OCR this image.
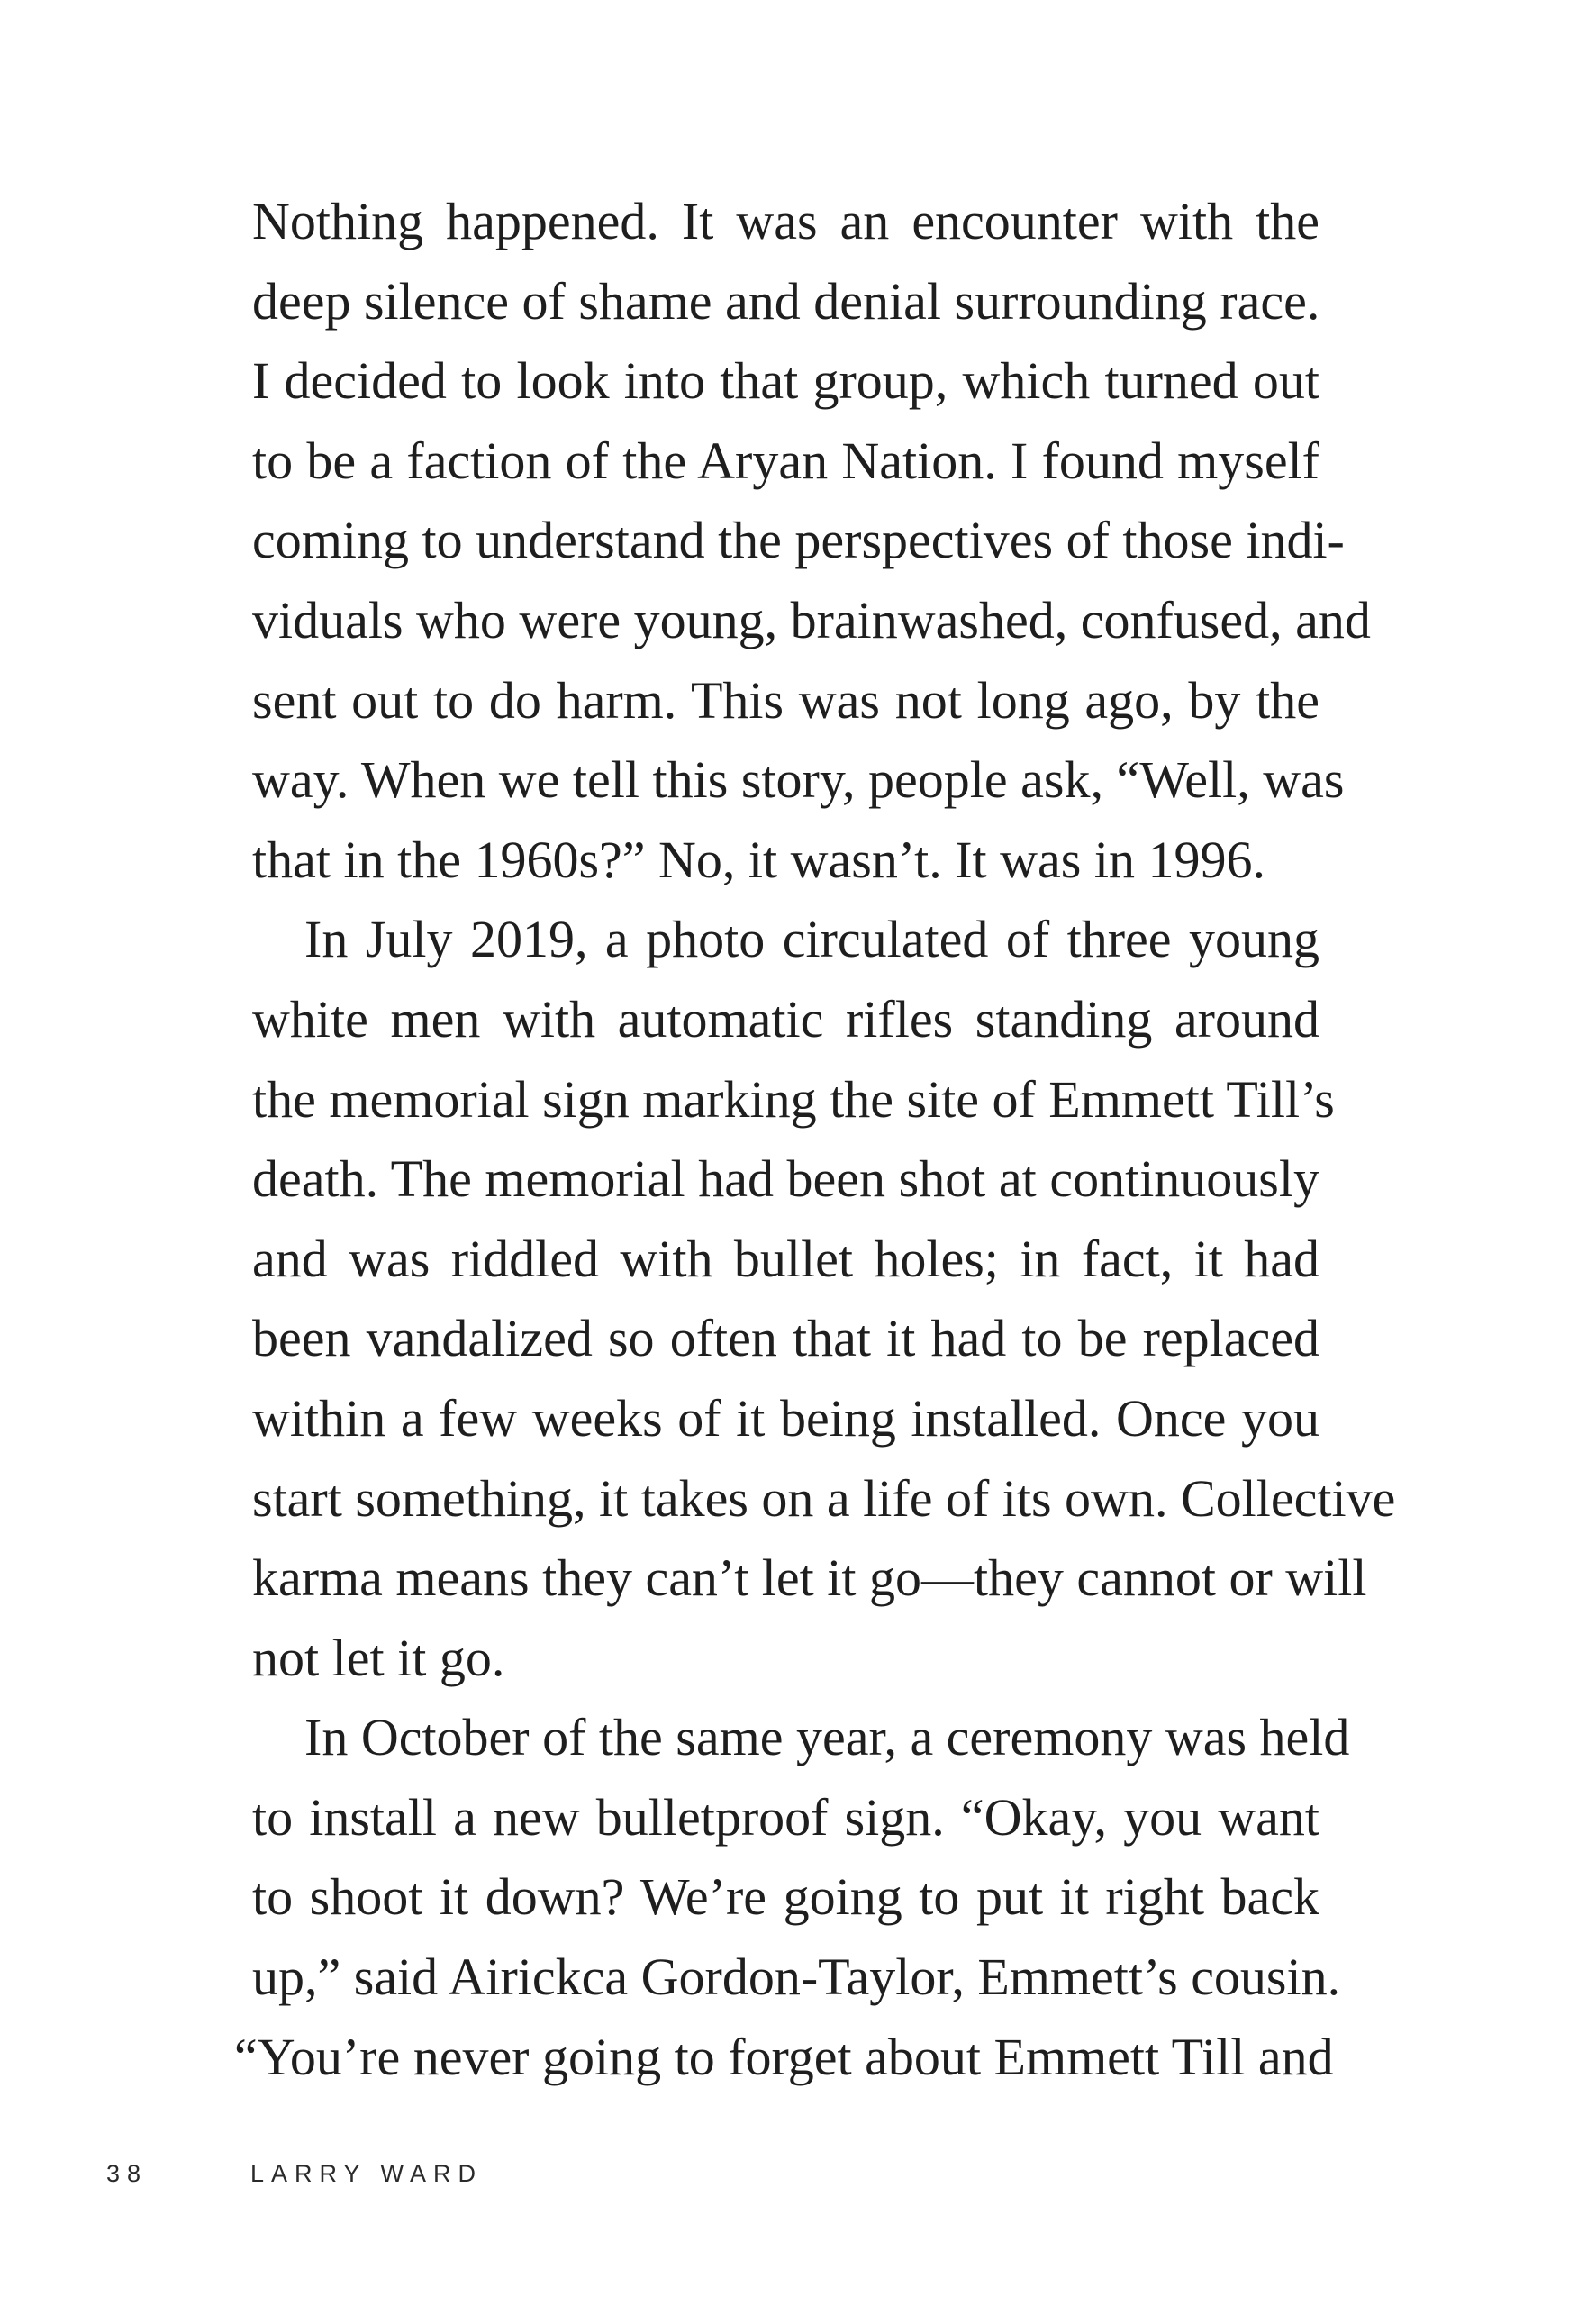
Nothing happened. It was an encounter with the
deep silence of shame and denial surrounding race.
I decided to look into that group, which turned out
to be a faction of the Aryan Nation. I found myself
coming to understand the perspectives of those indi-
viduals who were young, brainwashed, confused, and
sent out to do harm. This was not long ago, by the
way. When we tell this story, people ask, “Well, was
that in the 1960s?” No, it wasn’t. It was in 1996.
In July 2019, a photo circulated of three young
white men with automatic rifles standing around
the memorial sign marking the site of Emmett Till’s
death. The memorial had been shot at continuously
and was riddled with bullet holes; in fact, it had
been vandalized so often that it had to be replaced
within a few weeks of it being installed. Once you
start something, it takes on a life of its own. Collective
karma means they can’t let it go—they cannot or will
not let it go.
In October of the same year, a ceremony was held
to install a new bulletproof sign. “Okay, you want
to shoot it down? We’re going to put it right back
up,” said Airickca Gordon-Taylor, Emmett’s cousin.
“You’re never going to forget about Emmett Till and
38	LARRY WARD
